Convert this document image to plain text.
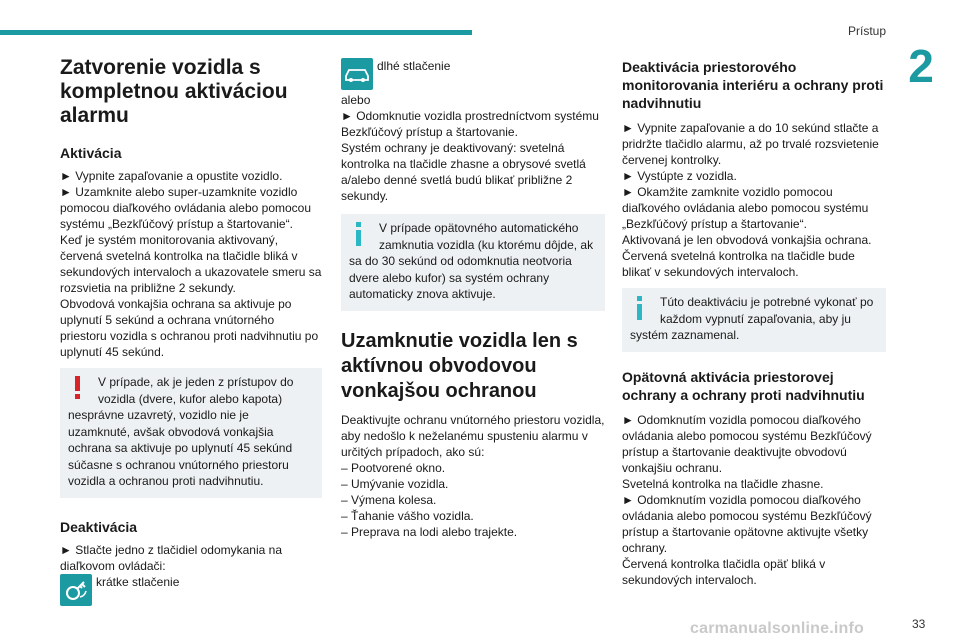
Prístup
2
Zatvorenie vozidla s kompletnou aktiváciou alarmu
Aktivácia

► Vypnite zapaľovanie a opustite vozidlo.

► Uzamknite alebo super-uzamknite vozidlo pomocou diaľkového ovládania alebo pomocou systému „Bezkľúčový prístup a štartovanie“.

Keď je systém monitorovania aktivovaný, červená svetelná kontrolka na tlačidle bliká v sekundových intervaloch a ukazovatele smeru sa rozsvietia na približne 2 sekundy.

Obvodová vonkajšia ochrana sa aktivuje po uplynutí 5 sekúnd a ochrana vnútorného priestoru vozidla s ochranou proti nadvihnutiu po uplynutí 45 sekúnd.

V prípade, ak je jeden z prístupov do vozidla (dvere, kufor alebo kapota) nesprávne uzavretý, vozidlo nie je uzamknuté, avšak obvodová vonkajšia ochrana sa aktivuje po uplynutí 45 sekúnd súčasne s ochranou vnútorného priestoru vozidla a ochranou proti nadvihnutiu.

Deaktivácia

► Stlačte jedno z tlačidiel odomykania na diaľkovom ovládači:

krátke stlačenie
dlhé stlačenie

alebo

► Odomknutie vozidla prostredníctvom systému Bezkľúčový prístup a štartovanie.

Systém ochrany je deaktivovaný: svetelná kontrolka na tlačidle zhasne a obrysové svetlá a/alebo denné svetlá budú blikať približne 2 sekundy.

V prípade opätovného automatického zamknutia vozidla (ku ktorému dôjde, ak sa do 30 sekúnd od odomknutia neotvoria dvere alebo kufor) sa systém ochrany automaticky znova aktivuje.

Uzamknutie vozidla len s aktívnou obvodovou vonkajšou ochranou

Deaktivujte ochranu vnútorného priestoru vozidla, aby nedošlo k neželanému spusteniu alarmu v určitých prípadoch, ako sú:

– Pootvorené okno.
– Umývanie vozidla.
– Výmena kolesa.
– Ťahanie vášho vozidla.
– Preprava na lodi alebo trajekte.
Deaktivácia priestorového monitorovania interiéru a ochrany proti nadvihnutiu

► Vypnite zapaľovanie a do 10 sekúnd stlačte a pridržte tlačidlo alarmu, až po trvalé rozsvietenie červenej kontrolky.

► Vystúpte z vozidla.

► Okamžite zamknite vozidlo pomocou diaľkového ovládania alebo pomocou systému „Bezkľúčový prístup a štartovanie“.

Aktivovaná je len obvodová vonkajšia ochrana. Červená svetelná kontrolka na tlačidle bude blikať v sekundových intervaloch.

Túto deaktiváciu je potrebné vykonať po každom vypnutí zapaľovania, aby ju systém zaznamenal.

Opätovná aktivácia priestorovej ochrany a ochrany proti nadvihnutiu

► Odomknutím vozidla pomocou diaľkového ovládania alebo pomocou systému Bezkľúčový prístup a štartovanie deaktivujte obvodovú vonkajšiu ochranu.

Svetelná kontrolka na tlačidle zhasne.

► Odomknutím vozidla pomocou diaľkového ovládania alebo pomocou systému Bezkľúčový prístup a štartovanie opätovne aktivujte všetky ochrany.

Červená kontrolka tlačidla opäť bliká v sekundových intervaloch.

carmanualsonline.info	33
